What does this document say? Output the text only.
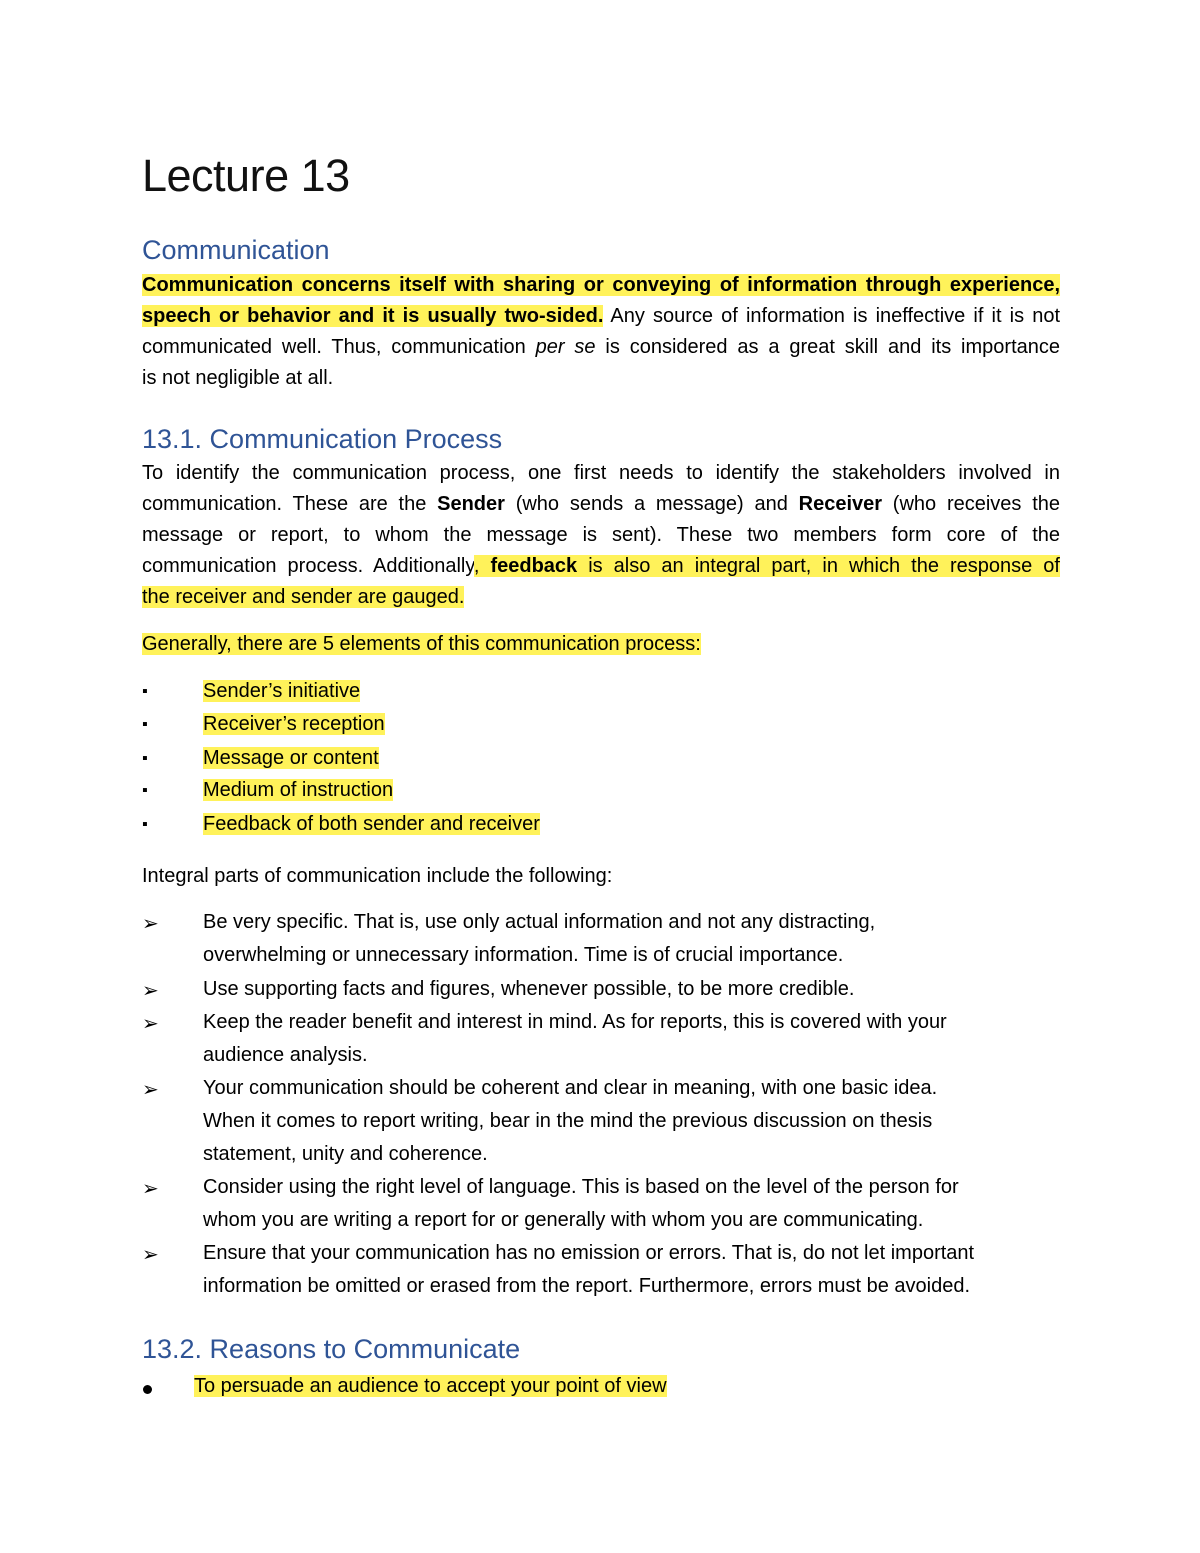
Lecture 13
Communication
Communication concerns itself with sharing or conveying of information through experience,
speech or behavior and it is usually two-sided. Any source of information is ineffective if it is not
communicated well. Thus, communication per se is considered as a great skill and its importance
is not negligible at all.
13.1. Communication Process
To identify the communication process, one first needs to identify the stakeholders involved in
communication. These are the Sender (who sends a message) and Receiver (who receives the
message or report, to whom the message is sent). These two members form core of the
communication process. Additionally, feedback is also an integral part, in which the response of
the receiver and sender are gauged.
Generally, there are 5 elements of this communication process:
▪	Sender’s initiative
▪	Receiver’s reception
▪	Message or content
▪	Medium of instruction
▪	Feedback of both sender and receiver
Integral parts of communication include the following:
➢ Be very specific. That is, use only actual information and not any distracting,
overwhelming or unnecessary information. Time is of crucial importance.
➢ Use supporting facts and figures, whenever possible, to be more credible.
➢ Keep the reader benefit and interest in mind. As for reports, this is covered with your
audience analysis.
➢ Your communication should be coherent and clear in meaning, with one basic idea.
When it comes to report writing, bear in the mind the previous discussion on thesis
statement, unity and coherence.
➢ Consider using the right level of language. This is based on the level of the person for
whom you are writing a report for or generally with whom you are communicating.
➢ Ensure that your communication has no emission or errors. That is, do not let important
information be omitted or erased from the report. Furthermore, errors must be avoided.
13.2. Reasons to Communicate
To persuade an audience to accept your point of view
